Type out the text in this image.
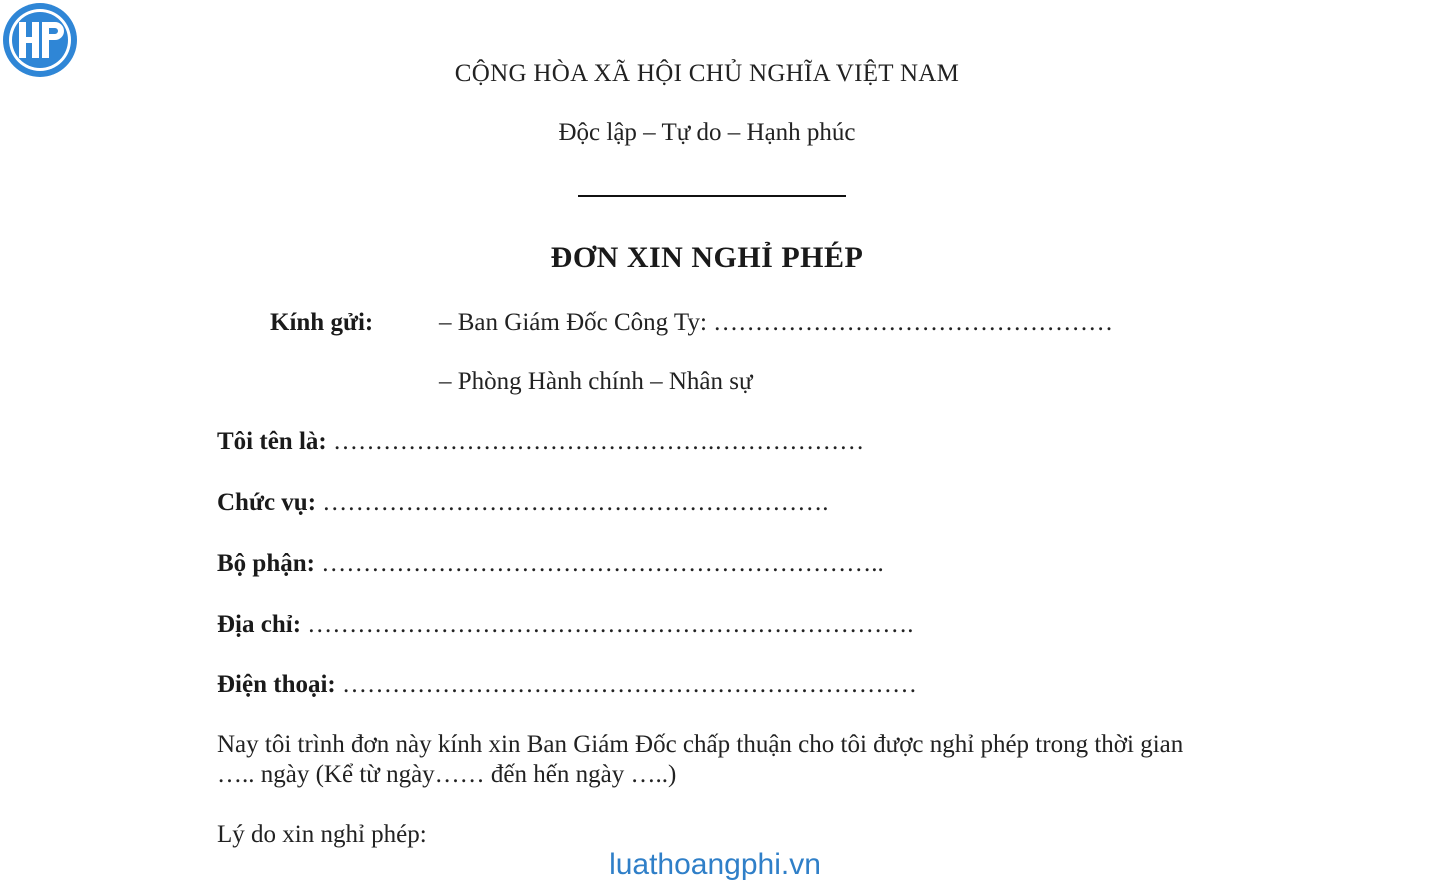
CỘNG HÒA XÃ HỘI CHỦ NGHĨA VIỆT NAM
Độc lập – Tự do – Hạnh phúc
ĐƠN XIN NGHỈ PHÉP
Kính gửi:	– Ban Giám Đốc Công Ty: …………………………………………
– Phòng Hành chính – Nhân sự
Tôi tên là: ……………………………………….………………
Chức vụ: …………………………………………………….
Bộ phận: …………………………………………………………..
Địa chỉ: ……………………………………………………………….
Điện thoại: ……………………………………………………………
Nay tôi trình đơn này kính xin Ban Giám Đốc chấp thuận cho tôi được nghỉ phép trong thời gian ….. ngày (Kể từ ngày…… đến hến ngày …..)
Lý do xin nghỉ phép:
luathoangphi.vn
